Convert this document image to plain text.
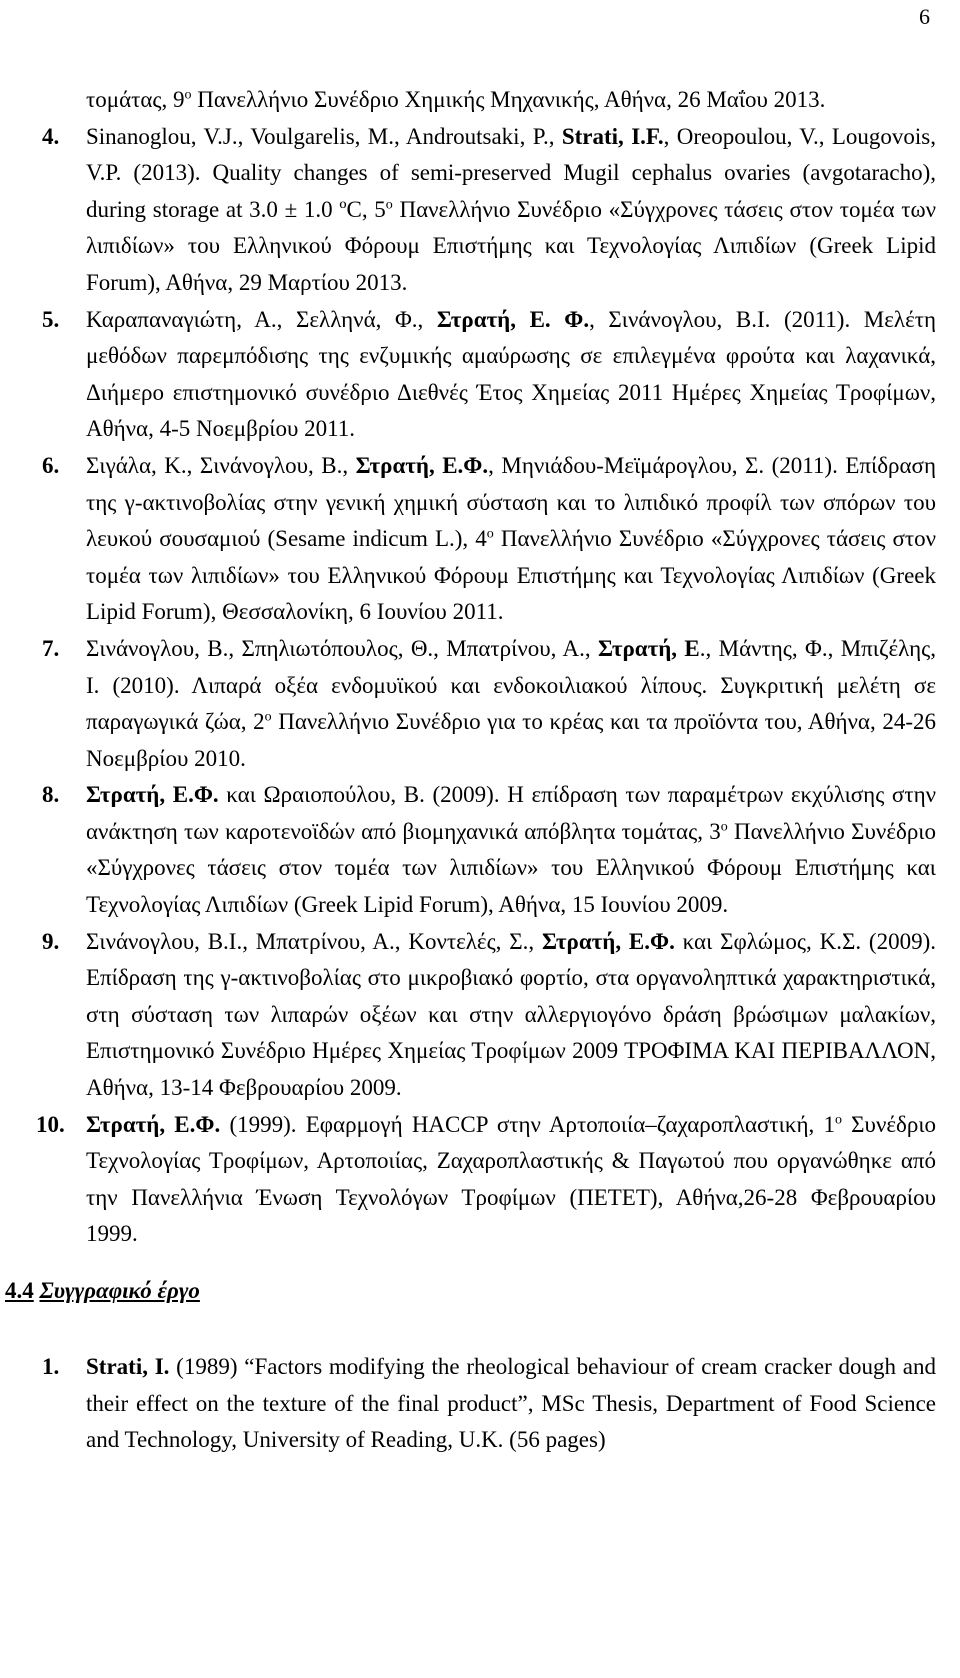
6
τομάτας, $9^o$ Πανελλήνιο Συνέδριο Χημικής Μηχανικής, Αθήνα, 26 Μαΐου 2013.
4.	Sinanoglou, V.J., Voulgarelis, M., Androutsaki, P., Strati, I.F., Oreopoulou, V., Lougovois, V.P. (2013). Quality changes of semi-preserved Mugil cephalus ovaries (avgotaracho), during storage at 3.0 ± 1.0 ºC, $5^o$ Πανελλήνιο Συνέδριο «Σύγχρονες τάσεις στον τομέα των λιπιδίων» του Ελληνικού Φόρουμ Επιστήμης και Τεχνολογίας Λιπιδίων (Greek Lipid Forum), Αθήνα, 29 Μαρτίου 2013.
5.	Καραπαναγιώτη, Α., Σελληνά, Φ., Στρατή, Ε. Φ., Σινάνογλου, Β.Ι. (2011). Μελέτη μεθόδων παρεμπόδισης της ενζυμικής αμαύρωσης σε επιλεγμένα φρούτα και λαχανικά, Διήμερο επιστημονικό συνέδριο Διεθνές Έτος Χημείας 2011 Ημέρες Χημείας Τροφίμων, Αθήνα, 4-5 Νοεμβρίου 2011.
6.	Σιγάλα, Κ., Σινάνογλου, Β., Στρατή, Ε.Φ., Μηνιάδου-Μεϊμάρογλου, Σ. (2011). Επίδραση της γ-ακτινοβολίας στην γενική χημική σύσταση και το λιπιδικό προφίλ των σπόρων του λευκού σουσαμιού (Sesame indicum L.), $4^o$ Πανελλήνιο Συνέδριο «Σύγχρονες τάσεις στον τομέα των λιπιδίων» του Ελληνικού Φόρουμ Επιστήμης και Τεχνολογίας Λιπιδίων (Greek Lipid Forum), Θεσσαλονίκη, 6 Ιουνίου 2011.
7.	Σινάνογλου, Β., Σπηλιωτόπουλος, Θ., Μπατρίνου, Α., Στρατή, Ε., Μάντης, Φ., Μπιζέλης, Ι. (2010). Λιπαρά οξέα ενδομυϊκού και ενδοκοιλιακού λίπους. Συγκριτική μελέτη σε παραγωγικά ζώα, $2^o$ Πανελλήνιο Συνέδριο για το κρέας και τα προϊόντα του, Αθήνα, 24-26 Νοεμβρίου 2010.
8.	Στρατή, Ε.Φ. και Ωραιοπούλου, Β. (2009). Η επίδραση των παραμέτρων εκχύλισης στην ανάκτηση των καροτενοϊδών από βιομηχανικά απόβλητα τομάτας, $3^o$ Πανελλήνιο Συνέδριο «Σύγχρονες τάσεις στον τομέα των λιπιδίων» του Ελληνικού Φόρουμ Επιστήμης και Τεχνολογίας Λιπιδίων (Greek Lipid Forum), Αθήνα, 15 Ιουνίου 2009.
9.	Σινάνογλου, Β.Ι., Μπατρίνου, Α., Κοντελές, Σ., Στρατή, Ε.Φ. και Σφλώμος, Κ.Σ. (2009). Επίδραση της γ-ακτινοβολίας στο μικροβιακό φορτίο, στα οργανοληπτικά χαρακτηριστικά, στη σύσταση των λιπαρών οξέων και στην αλλεργιογόνο δράση βρώσιμων μαλακίων, Επιστημονικό Συνέδριο Ημέρες Χημείας Τροφίμων 2009 ΤΡΟΦΙΜΑ ΚΑΙ ΠΕΡΙΒΑΛΛΟΝ, Αθήνα, 13-14 Φεβρουαρίου 2009.
10. Στρατή, Ε.Φ. (1999). Εφαρμογή HACCP στην Αρτοποιία–ζαχαροπλαστική, $1^o$ Συνέδριο Τεχνολογίας Τροφίμων, Αρτοποιίας, Ζαχαροπλαστικής & Παγωτού που οργανώθηκε από την Πανελλήνια Ένωση Τεχνολόγων Τροφίμων (ΠΕΤΕΤ), Αθήνα,26-28 Φεβρουαρίου 1999.
4.4 Συγγραφικό έργο
1.	Strati, I. (1989) “Factors modifying the rheological behaviour of cream cracker dough and their effect on the texture of the final product”, MSc Thesis, Department of Food Science and Technology, University of Reading, U.K. (56 pages)
